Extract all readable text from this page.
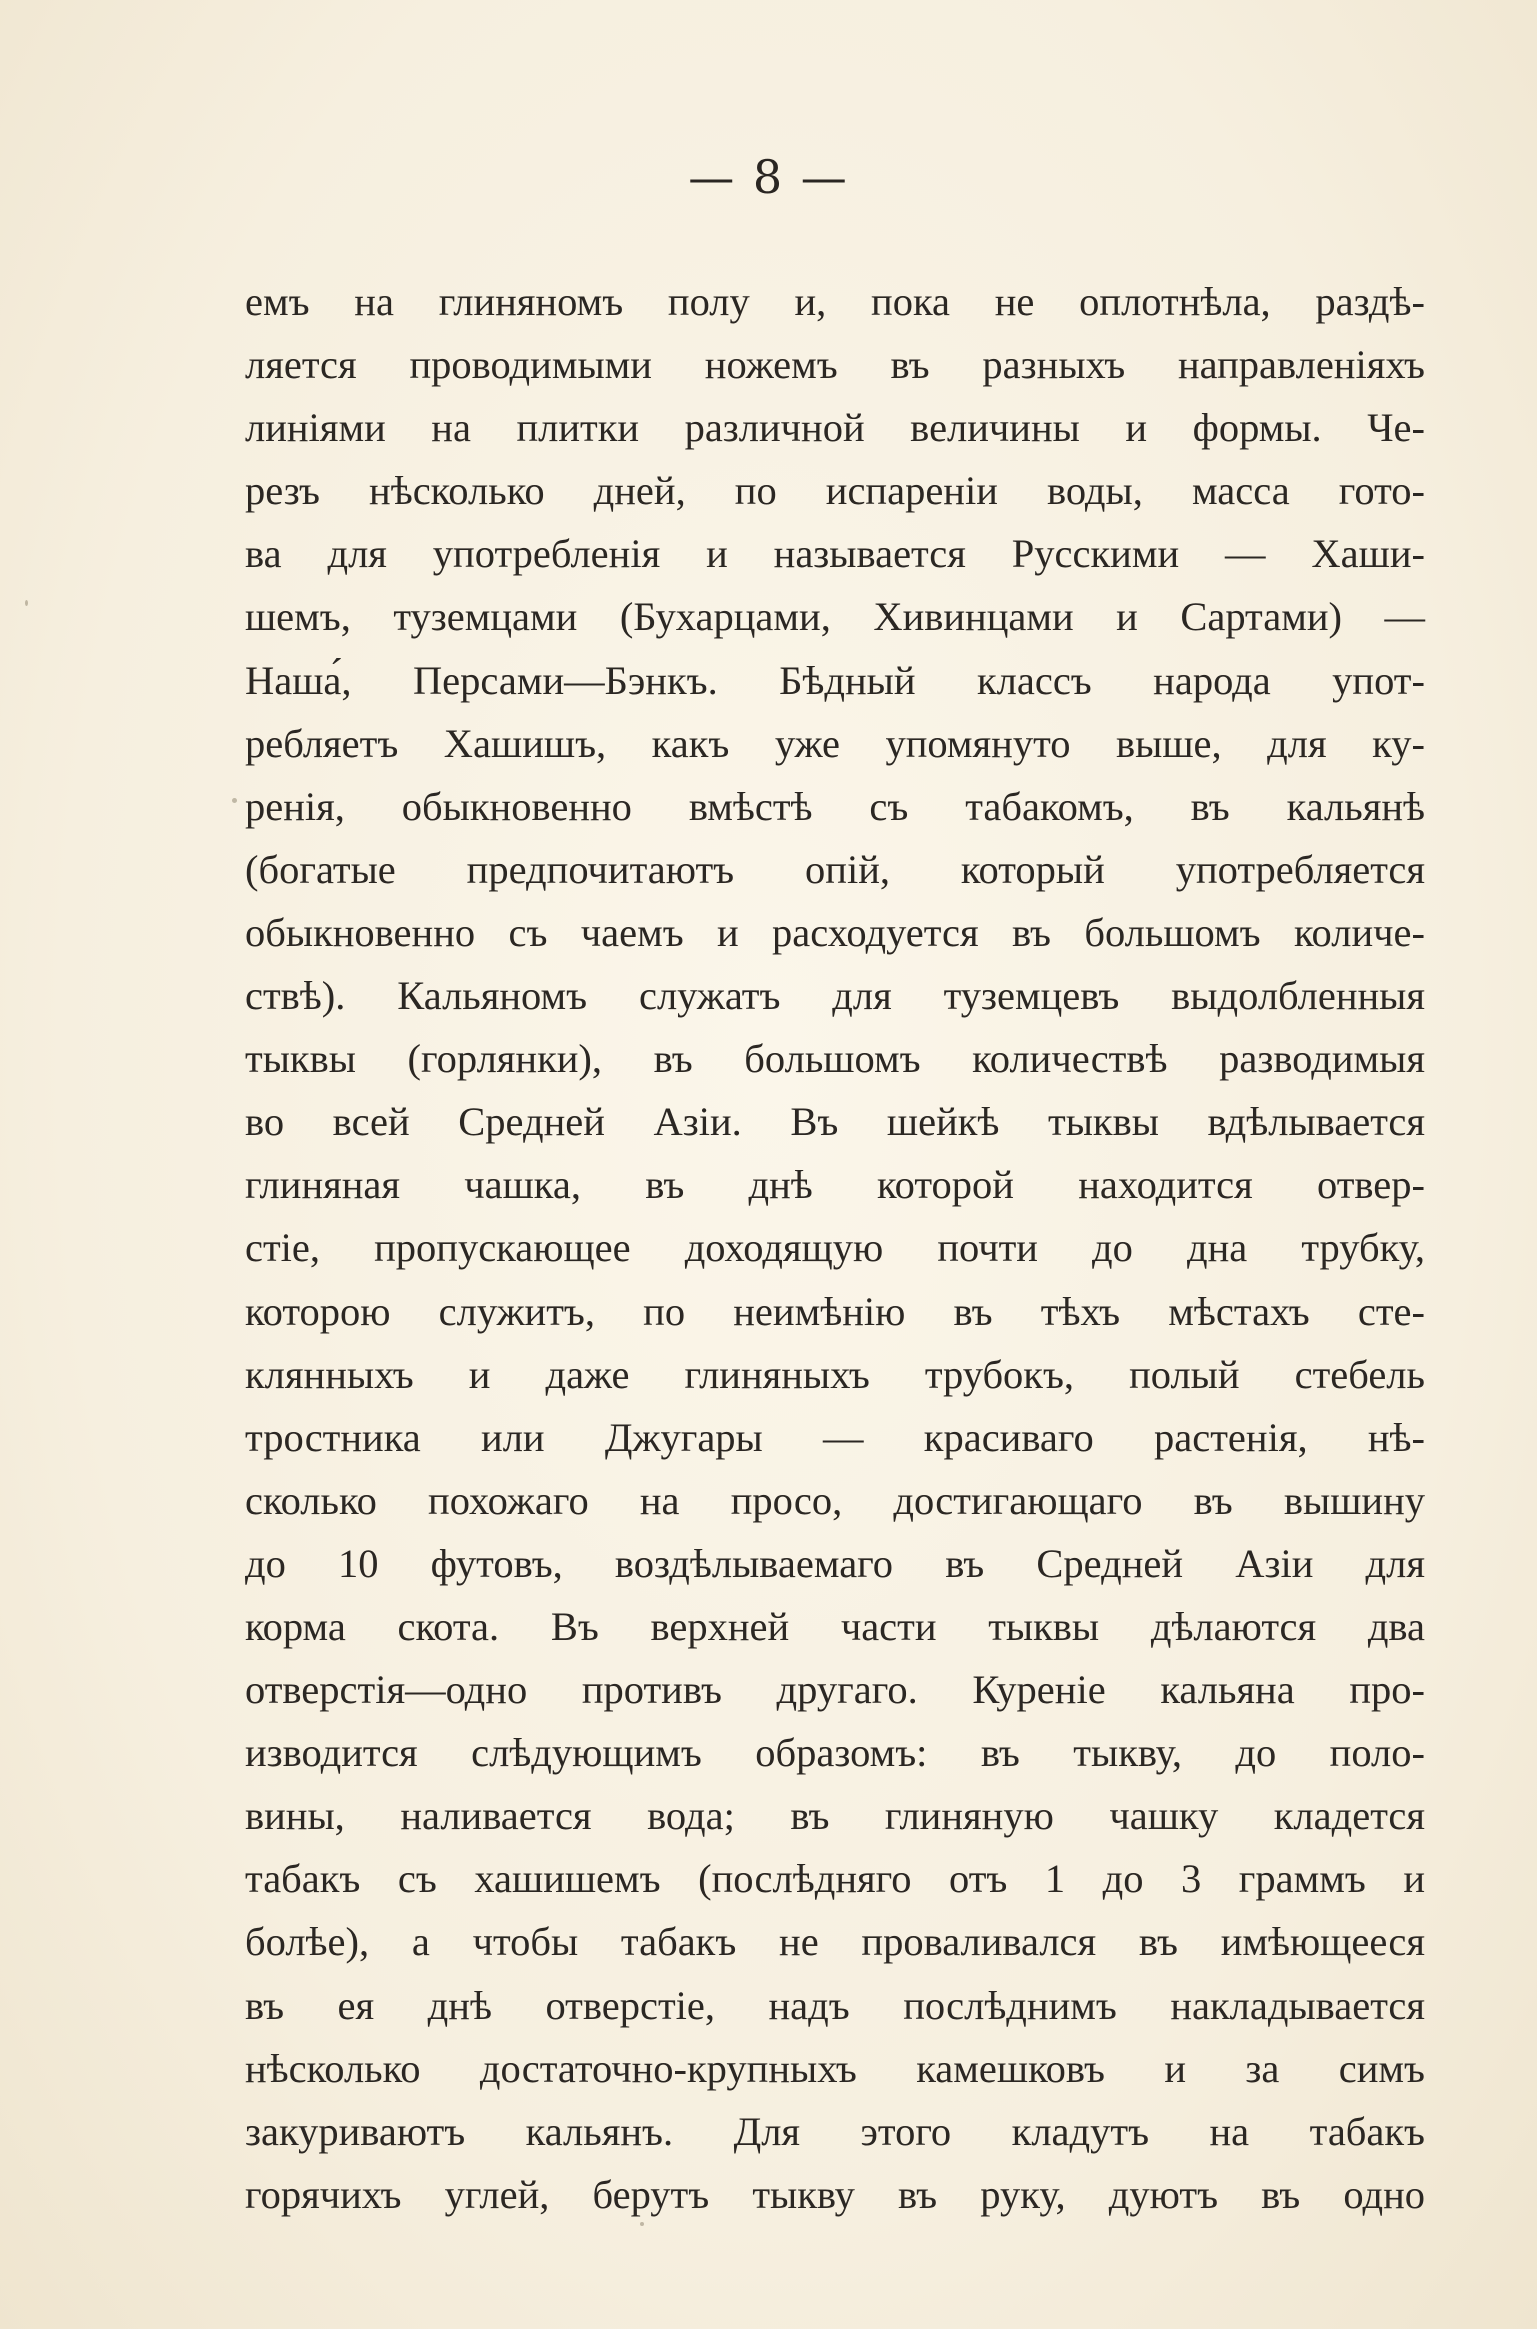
— 8 —
емъ на глиняномъ полу и, пока не оплотнѣла, раздѣ-
ляется проводимыми ножемъ въ разныхъ направленіяхъ
линіями на плитки различной величины и формы. Че-
резъ нѣсколько дней, по испареніи воды, масса гото-
ва для употребленія и называется Русскими — Хаши-
шемъ, туземцами (Бухарцами, Хивинцами и Сартами) —
Наша́, Персами—Бэнкъ. Бѣдный классъ народа упот-
ребляетъ Хашишъ, какъ уже упомянуто выше, для ку-
ренія, обыкновенно вмѣстѣ съ табакомъ, въ кальянѣ
(богатые предпочитаютъ опій, который употребляется
обыкновенно съ чаемъ и расходуется въ большомъ количе-
ствѣ). Кальяномъ служатъ для туземцевъ выдолбленныя
тыквы (горлянки), въ большомъ количествѣ разводимыя
во всей Средней Азіи. Въ шейкѣ тыквы вдѣлывается
глиняная чашка, въ днѣ которой находится отвер-
стіе, пропускающее доходящую почти до дна трубку,
которою служитъ, по неимѣнію въ тѣхъ мѣстахъ сте-
клянныхъ и даже глиняныхъ трубокъ, полый стебель
тростника или Джугары — красиваго растенія, нѣ-
сколько похожаго на просо, достигающаго въ вышину
до 10 футовъ, воздѣлываемаго въ Средней Азіи для
корма скота. Въ верхней части тыквы дѣлаются два
отверстія—одно противъ другаго. Куреніе кальяна про-
изводится слѣдующимъ образомъ: въ тыкву, до поло-
вины, наливается вода; въ глиняную чашку кладется
табакъ съ хашишемъ (послѣдняго отъ 1 до 3 граммъ и
болѣе), а чтобы табакъ не проваливался въ имѣющееся
въ ея днѣ отверстіе, надъ послѣднимъ накладывается
нѣсколько достаточно-крупныхъ камешковъ и за симъ
закуриваютъ кальянъ. Для этого кладутъ на табакъ
горячихъ углей, берутъ тыкву въ руку, дуютъ въ одно
